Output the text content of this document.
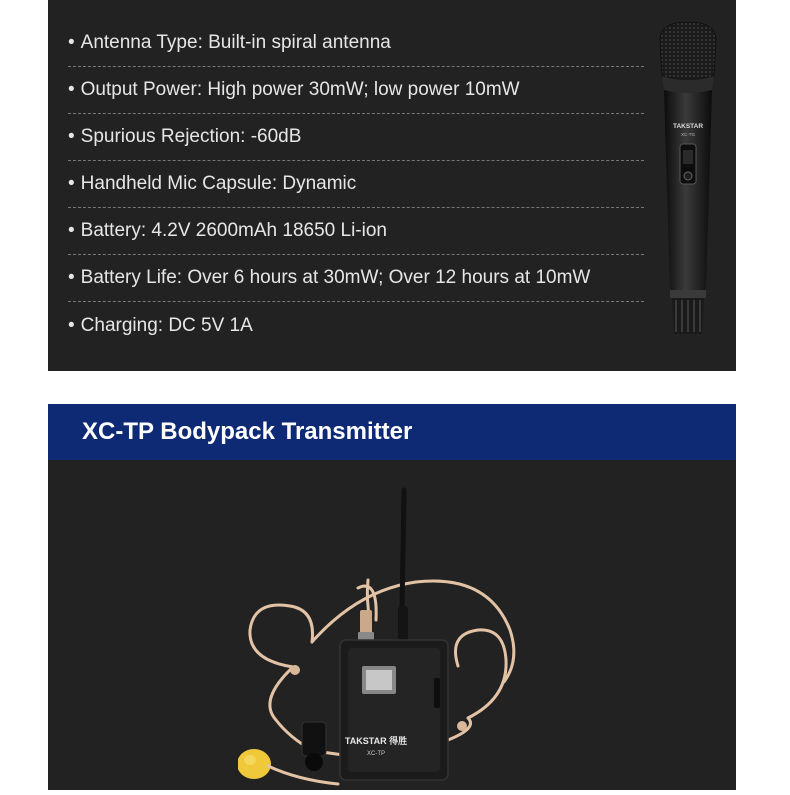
• Antenna Type: Built-in spiral antenna
• Output Power: High power 30mW; low power 10mW
• Spurious Rejection: -60dB
• Handheld Mic Capsule: Dynamic
• Battery: 4.2V 2600mAh 18650 Li-ion
• Battery Life: Over 6 hours at 30mW; Over 12 hours at 10mW
• Charging: DC 5V 1A
TAKSTAR
XC-TG
XC-TP Bodypack Transmitter
TAKSTAR 得胜
XC-TP
